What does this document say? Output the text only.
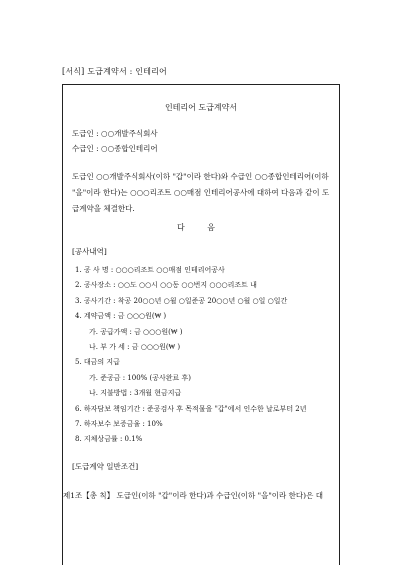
[서식] 도급계약서 : 인테리어
인테리어 도급계약서
도급인 : ○○개발주식회사
수급인 : ○○종합인테리어
도급인 ○○개발주식회사(이하 "갑"이라 한다)와 수급인 ○○종합인테리어(이하
"을"이라 한다)는 ○○○리조트 ○○매점 인테리어공사에 대하여 다음과 같이 도
급계약을 체결한다.
다 음
[공사내역]
1. 공 사 명 : ○○○리조트 ○○매점 인테리어공사
2. 공사장소 : ○○도 ○○시 ○○동 ○○번지 ○○○리조트 내
3. 공사기간 : 착공 20○○년 ○월 ○일준공 20○○년 ○월 ○일 ○일간
4. 계약금액 : 금 ○○○원(₩ )
가. 공급가액 : 금 ○○○원(₩ )
나. 부 가 세 : 금 ○○○원(₩ )
5. 대금의 지급
가. 준공금 : 100% (공사완료 후)
나. 지불방법 : 3개월 현금지급
6. 하자담보 책임기간 : 준공검사 후 목적물을 "갑"에서 인수한 날로부터 2년
7. 하자보수 보증금율 : 10%
8. 지체상금률 : 0.1%
[도급계약 일반조건]
제1조【총 칙】 도급인(이하 "갑"이라 한다)과 수급인(이하 "을"이라 한다)은 대
